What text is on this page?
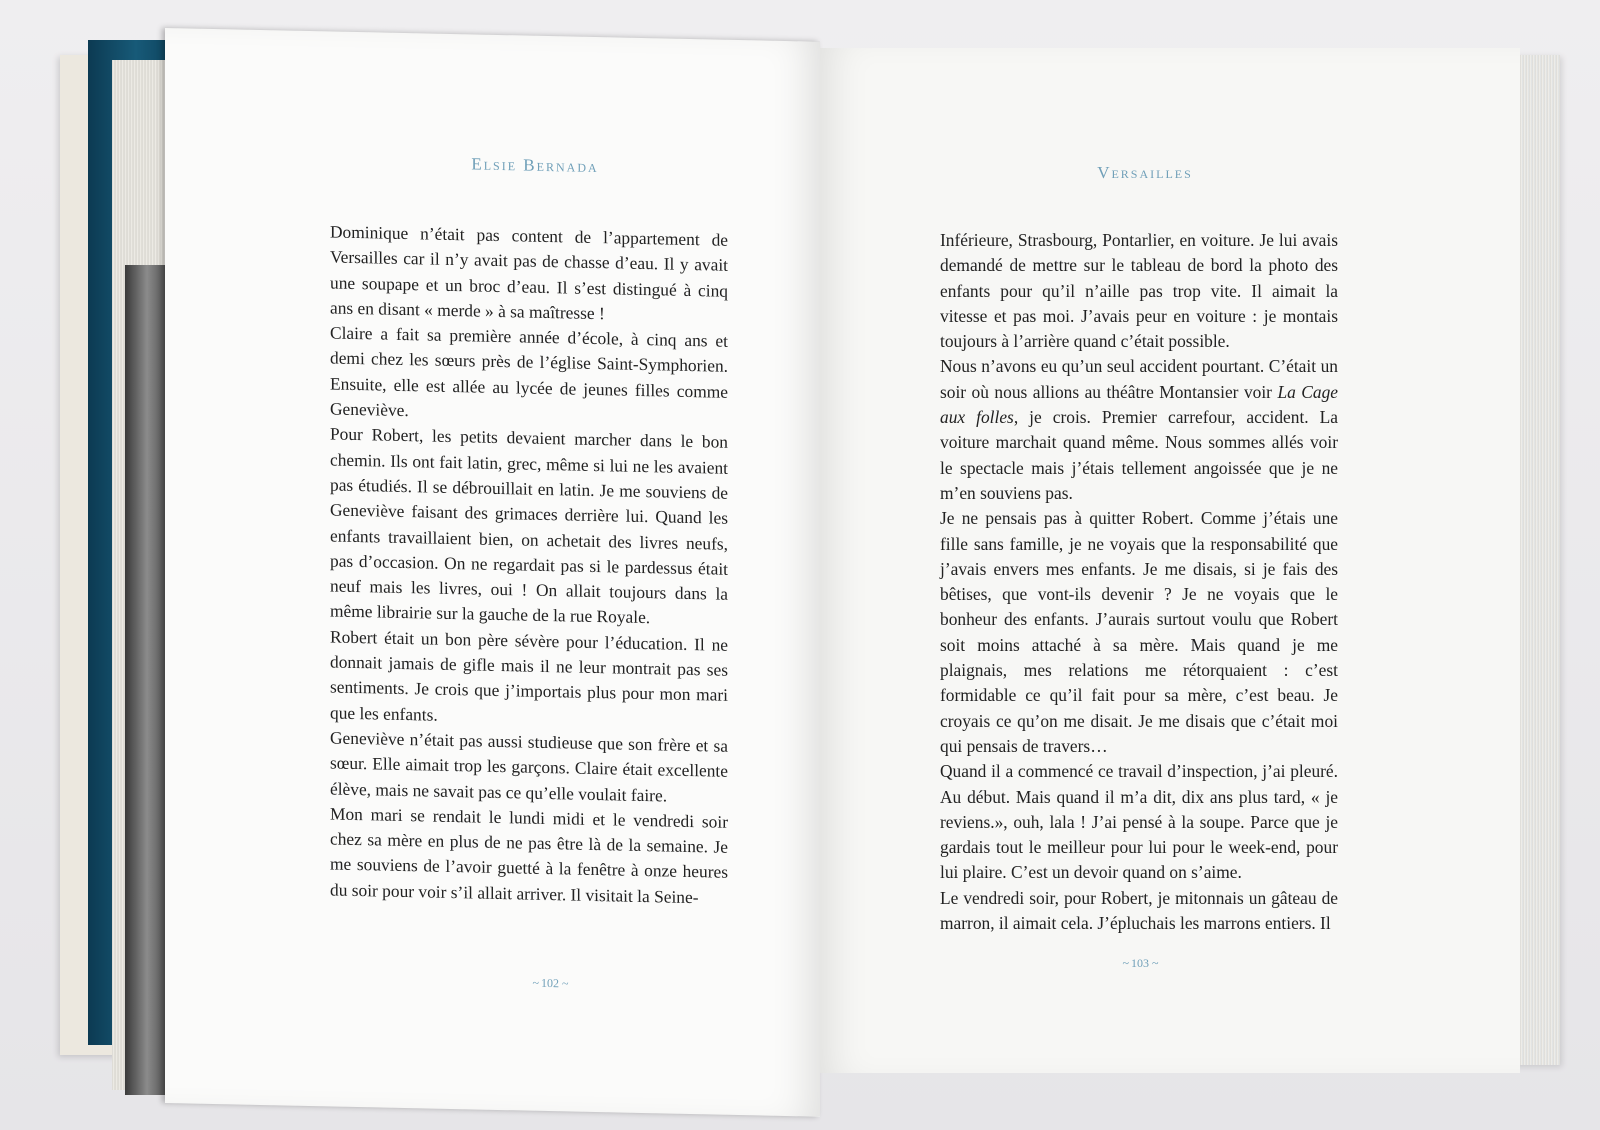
Elsie Bernada

Dominique n’était pas content de l’appartement de Versailles car il n’y avait pas de chasse d’eau. Il y avait une soupape et un broc d’eau. Il s’est distingué à cinq ans en disant « merde » à sa maîtresse !

Claire a fait sa première année d’école, à cinq ans et demi chez les sœurs près de l’église Saint-Symphorien. Ensuite, elle est allée au lycée de jeunes filles comme Geneviève.

Pour Robert, les petits devaient marcher dans le bon chemin. Ils ont fait latin, grec, même si lui ne les avaient pas étudiés. Il se débrouillait en latin. Je me souviens de Geneviève faisant des grimaces derrière lui. Quand les enfants travaillaient bien, on achetait des livres neufs, pas d’occasion. On ne regardait pas si le pardessus était neuf mais les livres, oui ! On allait toujours dans la même librairie sur la gauche de la rue Royale.

Robert était un bon père sévère pour l’éducation. Il ne donnait jamais de gifle mais il ne leur montrait pas ses sentiments. Je crois que j’importais plus pour mon mari que les enfants.

Geneviève n’était pas aussi studieuse que son frère et sa sœur. Elle aimait trop les garçons. Claire était excellente élève, mais ne savait pas ce qu’elle voulait faire.

Mon mari se rendait le lundi midi et le vendredi soir chez sa mère en plus de ne pas être là de la semaine. Je me souviens de l’avoir guetté à la fenêtre à onze heures du soir pour voir s’il allait arriver. Il visitait la Seine-

~ 102 ~
Versailles

Inférieure, Strasbourg, Pontarlier, en voiture. Je lui avais demandé de mettre sur le tableau de bord la photo des enfants pour qu’il n’aille pas trop vite. Il aimait la vitesse et pas moi. J’avais peur en voiture : je montais toujours à l’arrière quand c’était possible.

Nous n’avons eu qu’un seul accident pourtant. C’était un soir où nous allions au théâtre Montansier voir La Cage aux folles, je crois. Premier carrefour, accident. La voiture marchait quand même. Nous sommes allés voir le spectacle mais j’étais tellement angoissée que je ne m’en souviens pas.

Je ne pensais pas à quitter Robert. Comme j’étais une fille sans famille, je ne voyais que la responsabilité que j’avais envers mes enfants. Je me disais, si je fais des bêtises, que vont-ils devenir ? Je ne voyais que le bonheur des enfants. J’aurais surtout voulu que Robert soit moins attaché à sa mère. Mais quand je me plaignais, mes relations me rétorquaient : c’est formidable ce qu’il fait pour sa mère, c’est beau. Je croyais ce qu’on me disait. Je me disais que c’était moi qui pensais de travers…

Quand il a commencé ce travail d’inspection, j’ai pleuré. Au début. Mais quand il m’a dit, dix ans plus tard, « je reviens.», ouh, lala ! J’ai pensé à la soupe. Parce que je gardais tout le meilleur pour lui pour le week-end, pour lui plaire. C’est un devoir quand on s’aime.

Le vendredi soir, pour Robert, je mitonnais un gâteau de marron, il aimait cela. J’épluchais les marrons entiers. Il

~ 103 ~
